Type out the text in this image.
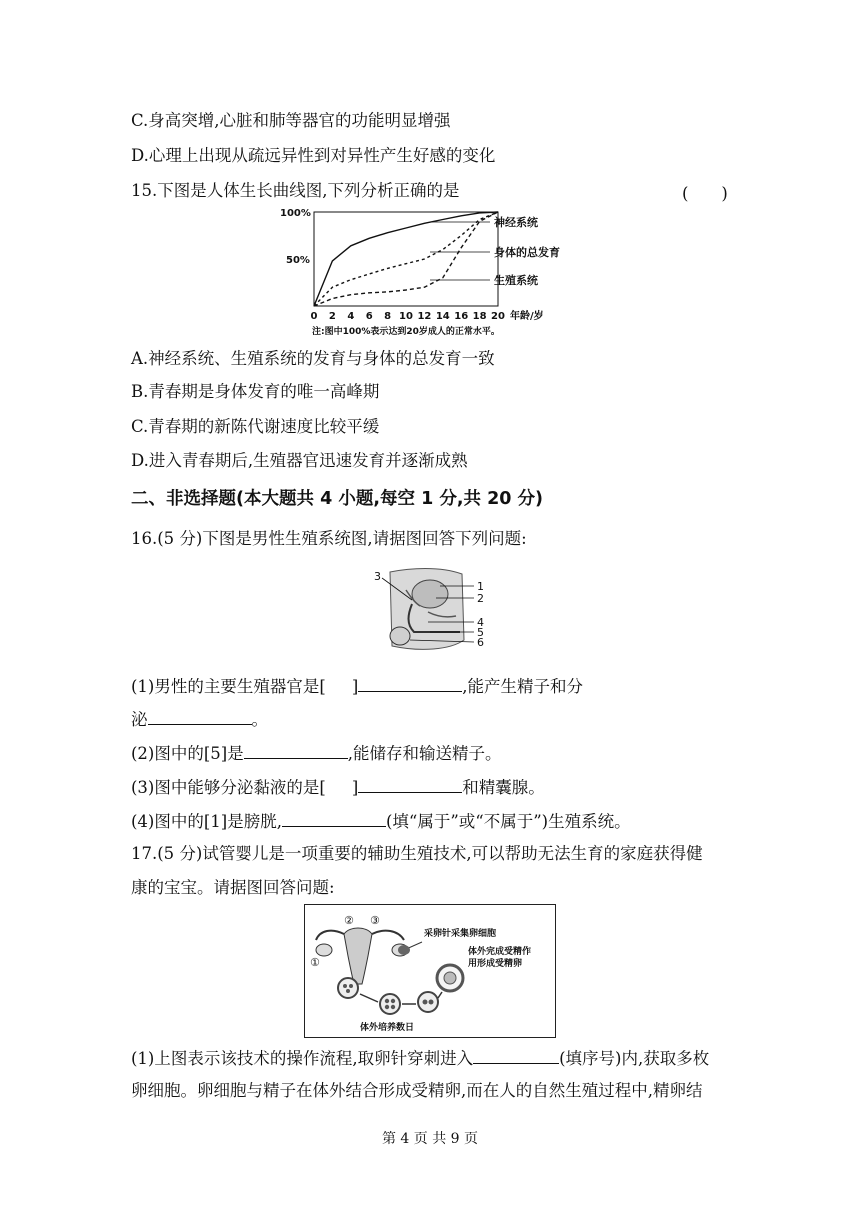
C.身高突增,心脏和肺等器官的功能明显增强
D.心理上出现从疏远异性到对异性产生好感的变化
15.下图是人体生长曲线图,下列分析正确的是	(　　)
100%
50%
0 2 4 6 8 10 12 14 16 18 20 年龄/岁
注:图中100%表示达到20岁成人的正常水平。
神经系统
身体的总发育
生殖系统
A.神经系统、生殖系统的发育与身体的总发育一致
B.青春期是身体发育的唯一高峰期
C.青春期的新陈代谢速度比较平缓
D.进入青春期后,生殖器官迅速发育并逐渐成熟
二、非选择题(本大题共 4 小题,每空 1 分,共 20 分)
16.(5 分)下图是男性生殖系统图,请据图回答下列问题:
3
1
2
4
5
6
(1)男性的主要生殖器官是[ ]	,能产生精子和分
泌	。
(2)图中的[5]是	,能储存和输送精子。
(3)图中能够分泌黏液的是[ ]	和精囊腺。
(4)图中的[1]是膀胱,	(填“属于”或“不属于”)生殖系统。
17.(5 分)试管婴儿是一项重要的辅助生殖技术,可以帮助无法生育的家庭获得健
康的宝宝。请据图回答问题:
② ③
①
采卵针采集卵细胞
体外完成受精作
用形成受精卵
体外培养数日
(1)上图表示该技术的操作流程,取卵针穿刺进入	(填序号)内,获取多枚
卵细胞。卵细胞与精子在体外结合形成受精卵,而在人的自然生殖过程中,精卵结
第 4 页 共 9 页
